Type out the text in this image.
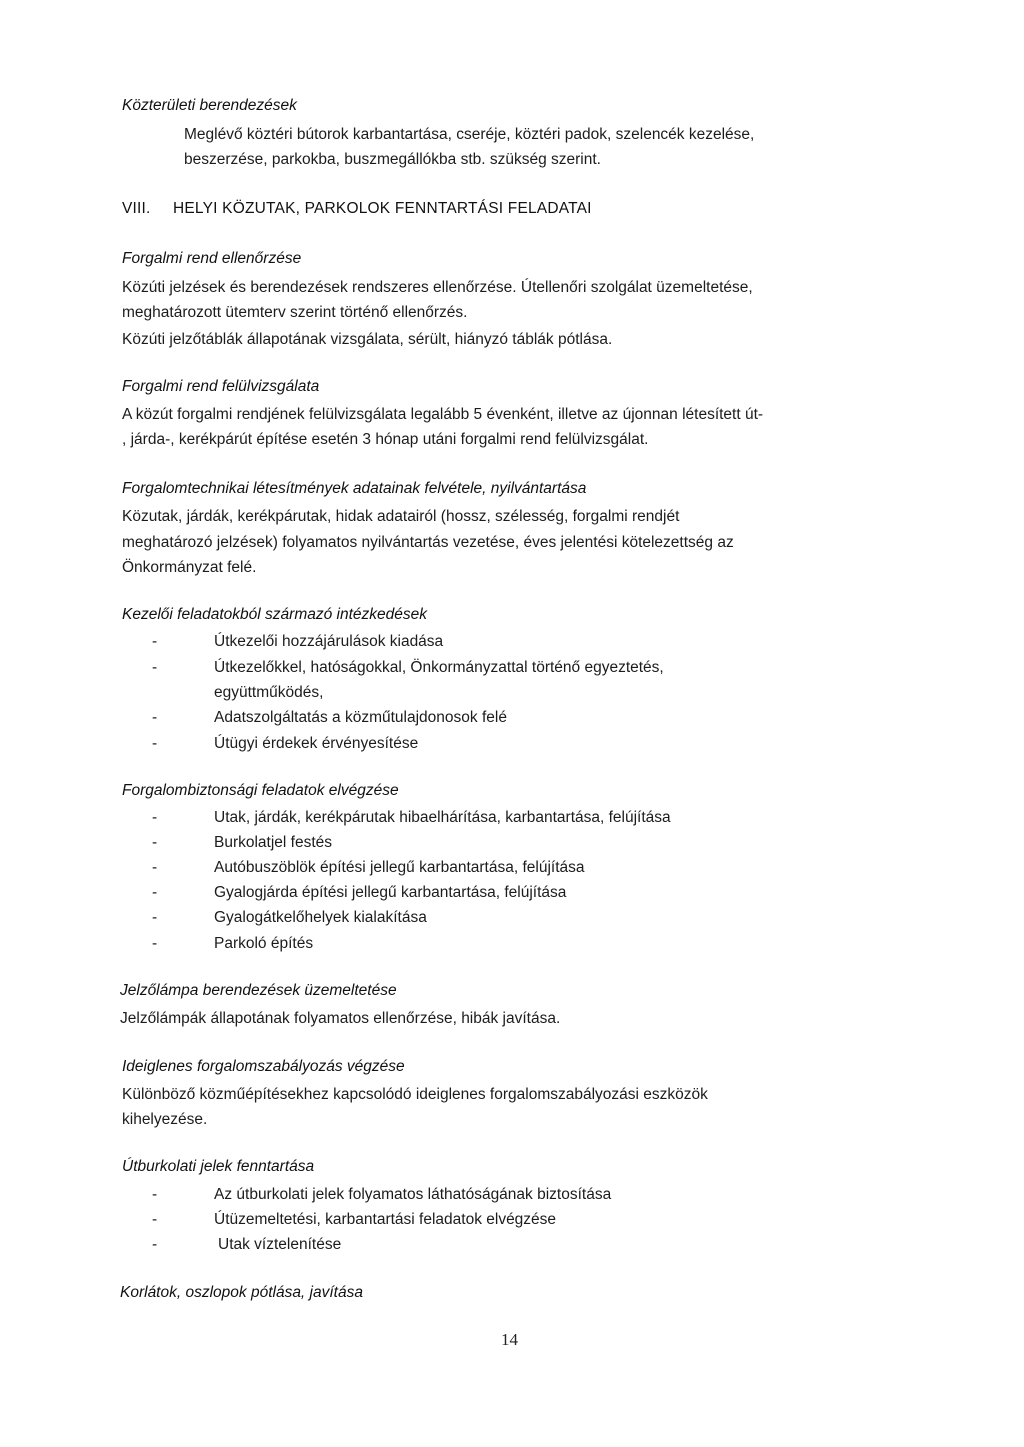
Közterületi berendezések
Meglévő köztéri bútorok karbantartása, cseréje, köztéri padok, szelencék kezelése,
beszerzése, parkokba, buszmegállókba stb. szükség szerint.
VIII. HELYI KÖZUTAK, PARKOLOK FENNTARTÁSI FELADATAI
Forgalmi rend ellenőrzése
Közúti jelzések és berendezések rendszeres ellenőrzése. Útellenőri szolgálat üzemeltetése,
meghatározott ütemterv szerint történő ellenőrzés.
Közúti jelzőtáblák állapotának vizsgálata, sérült, hiányzó táblák pótlása.
Forgalmi rend felülvizsgálata
A közút forgalmi rendjének felülvizsgálata legalább 5 évenként, illetve az újonnan létesített út-
, járda-, kerékpárút építése esetén 3 hónap utáni forgalmi rend felülvizsgálat.
Forgalomtechnikai létesítmények adatainak felvétele, nyilvántartása
Közutak, járdák, kerékpárutak, hidak adatairól (hossz, szélesség, forgalmi rendjét
meghatározó jelzések) folyamatos nyilvántartás vezetése, éves jelentési kötelezettség az
Önkormányzat felé.
Kezelői feladatokból származó intézkedések
-	Útkezelői hozzájárulások kiadása
-	Útkezelőkkel, hatóságokkal, Önkormányzattal történő egyeztetés,
együttműködés,
-	Adatszolgáltatás a közműtulajdonosok felé
-	Útügyi érdekek érvényesítése
Forgalombiztonsági feladatok elvégzése
-	Utak, járdák, kerékpárutak hibaelhárítása, karbantartása, felújítása
-	Burkolatjel festés
-	Autóbuszöblök építési jellegű karbantartása, felújítása
-	Gyalogjárda építési jellegű karbantartása, felújítása
-	Gyalogátkelőhelyek kialakítása
-	Parkoló építés
Jelzőlámpa berendezések üzemeltetése
Jelzőlámpák állapotának folyamatos ellenőrzése, hibák javítása.
Ideiglenes forgalomszabályozás végzése
Különböző közműépítésekhez kapcsolódó ideiglenes forgalomszabályozási eszközök
kihelyezése.
Útburkolati jelek fenntartása
-	Az útburkolati jelek folyamatos láthatóságának biztosítása
-	Útüzemeltetési, karbantartási feladatok elvégzése
-	Utak víztelenítése
Korlátok, oszlopok pótlása, javítása
14
